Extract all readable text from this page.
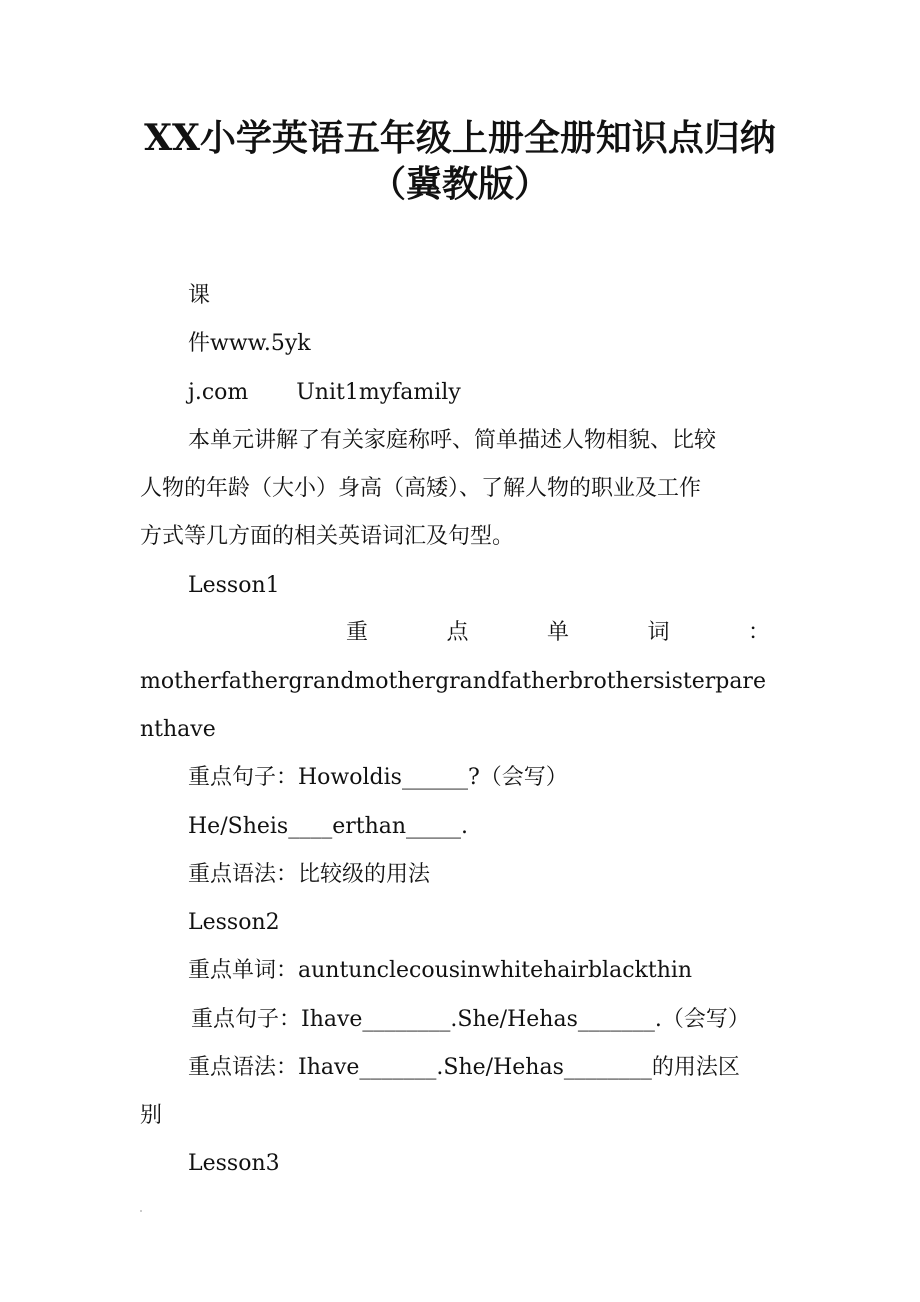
XX小学英语五年级上册全册知识点归纳
（冀教版）
课
件www.5yk
j.com Unit1myfamily
本单元讲解了有关家庭称呼、简单描述人物相貌、比较
人物的年龄（大小）身高（高矮）、了解人物的职业及工作
方式等几方面的相关英语词汇及句型。
Lesson1
重	点	单	词	：
motherfathergrandmothergrandfatherbrothersisterpare
nthave
重点句子：Howoldis______?（会写）
He/Sheis____erthan_____.
重点语法：比较级的用法
Lesson2
重点单词：auntunclecousinwhitehairblackthin
重点句子：Ihave________.She/Hehas_______.（会写）
重点语法：Ihave_______.She/Hehas________的用法区
别
Lesson3
